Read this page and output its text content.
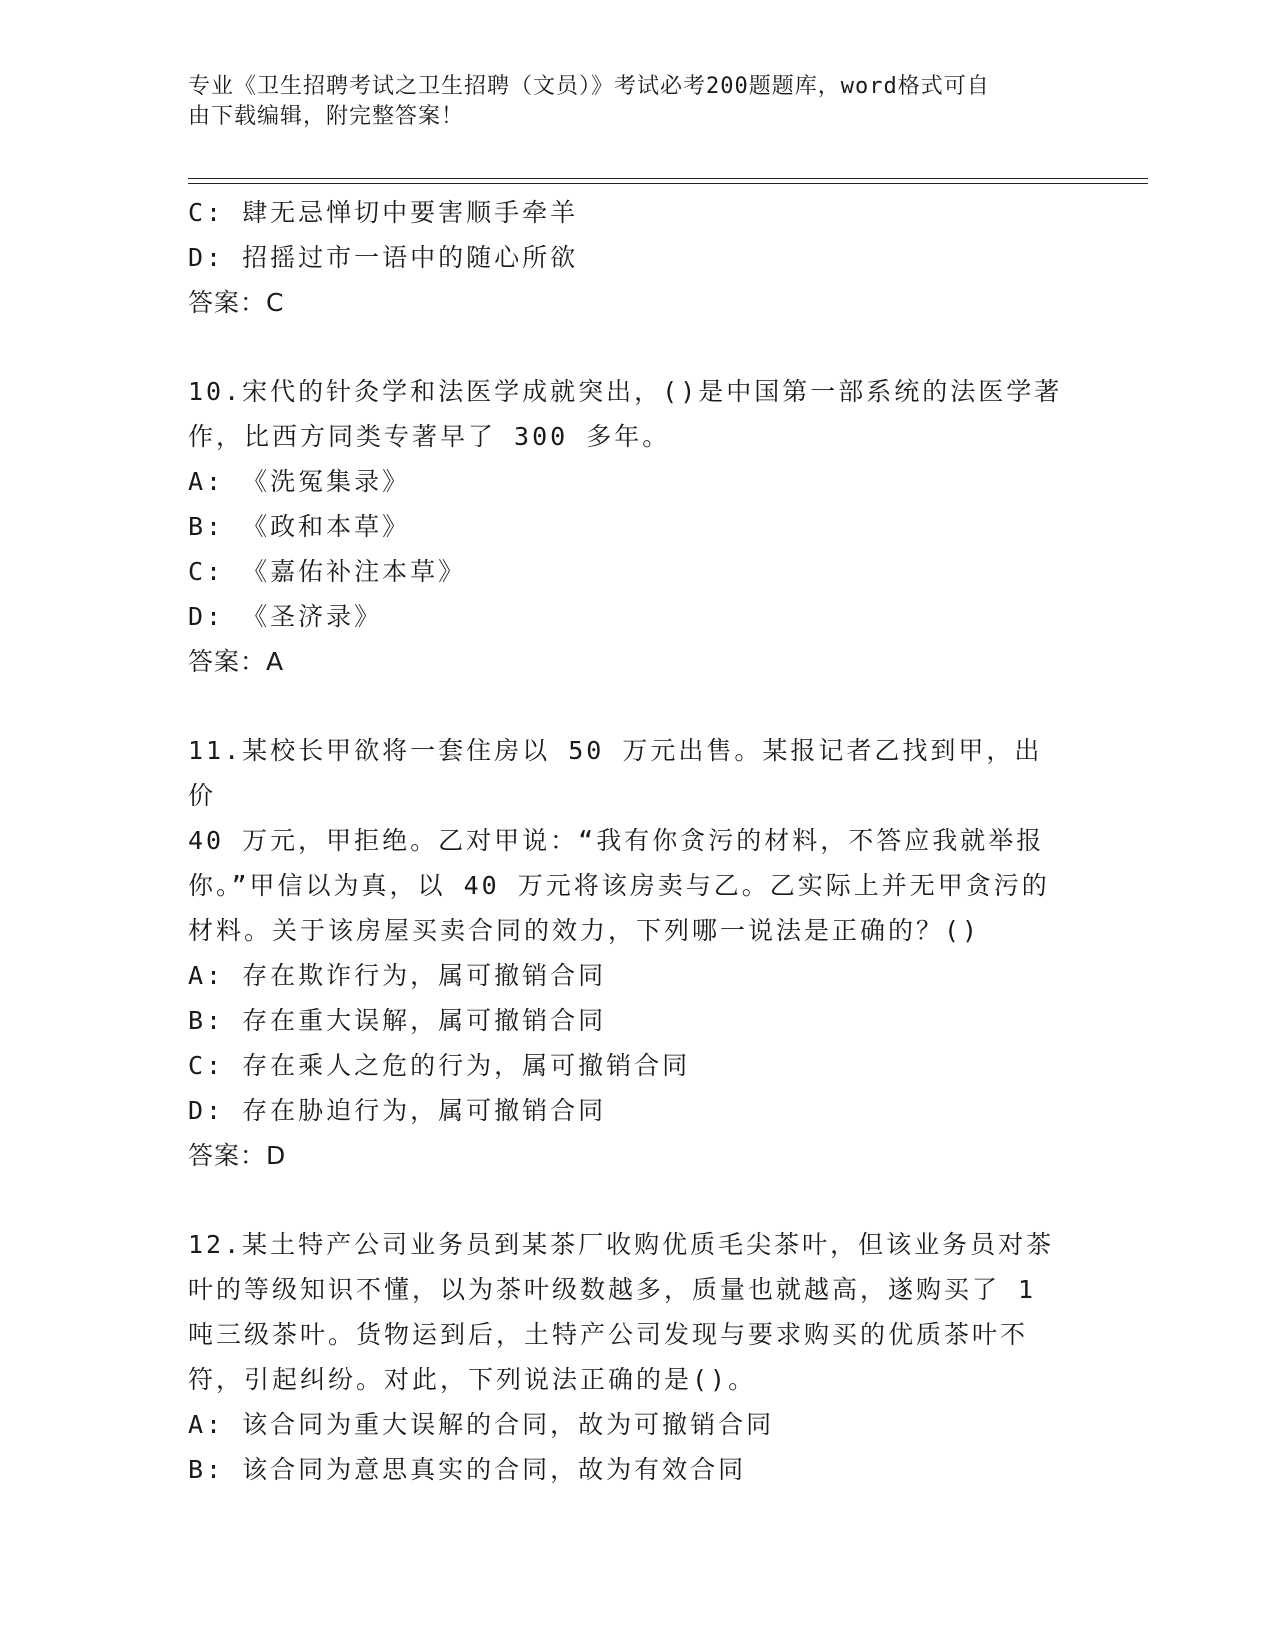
专业《卫生招聘考试之卫生招聘（文员）》考试必考200题题库，word格式可自
由下载编辑，附完整答案！
C: 肆无忌惮切中要害顺手牵羊
D: 招摇过市一语中的随心所欲
答案：C
10.宋代的针灸学和法医学成就突出，()是中国第一部系统的法医学著
作，比西方同类专著早了 300 多年。
A: 《洗冤集录》
B: 《政和本草》
C: 《嘉佑补注本草》
D: 《圣济录》
答案：A
11.某校长甲欲将一套住房以 50 万元出售。某报记者乙找到甲，出价
40 万元，甲拒绝。乙对甲说：“我有你贪污的材料，不答应我就举报
你。”甲信以为真，以 40 万元将该房卖与乙。乙实际上并无甲贪污的
材料。关于该房屋买卖合同的效力，下列哪一说法是正确的？()
A: 存在欺诈行为，属可撤销合同
B: 存在重大误解，属可撤销合同
C: 存在乘人之危的行为，属可撤销合同
D: 存在胁迫行为，属可撤销合同
答案：D
12.某土特产公司业务员到某茶厂收购优质毛尖茶叶，但该业务员对茶
叶的等级知识不懂，以为茶叶级数越多，质量也就越高，遂购买了 1
吨三级茶叶。货物运到后，土特产公司发现与要求购买的优质茶叶不
符，引起纠纷。对此，下列说法正确的是()。
A: 该合同为重大误解的合同，故为可撤销合同
B: 该合同为意思真实的合同，故为有效合同
